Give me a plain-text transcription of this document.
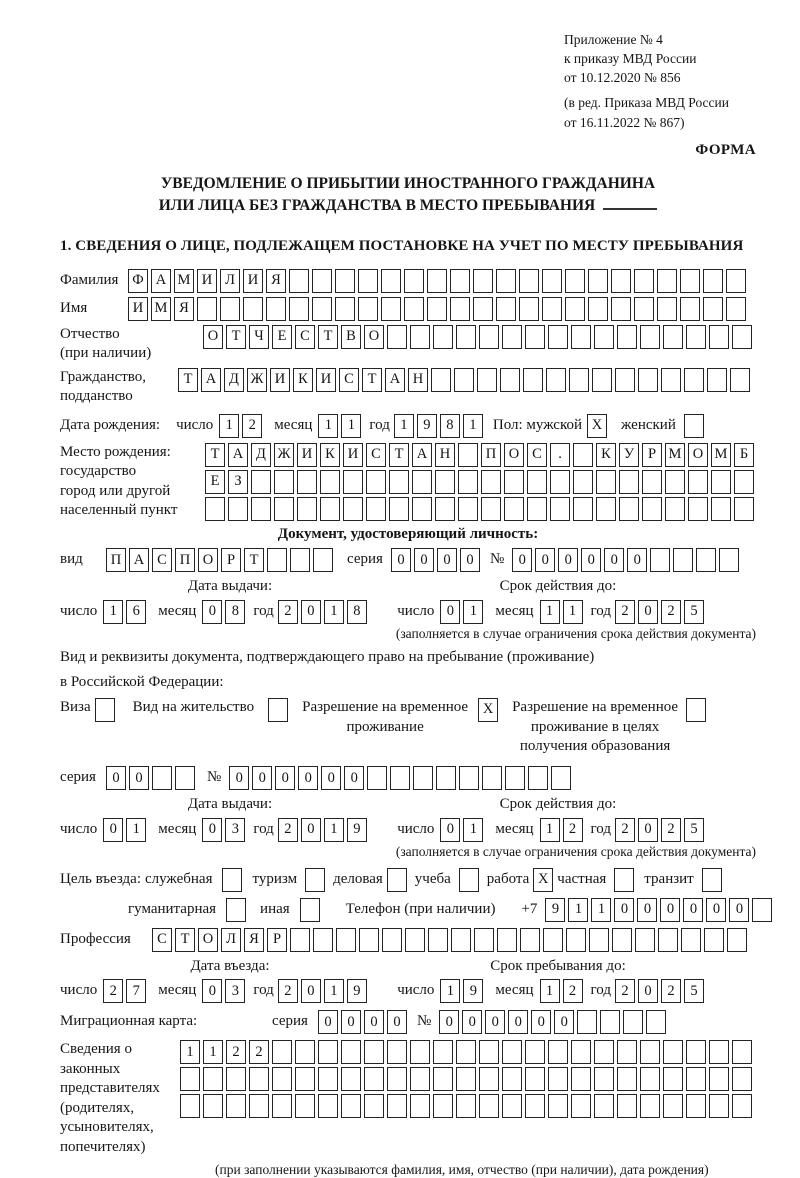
Приложение № 4
к приказу МВД России
от 10.12.2020 № 856
(в ред. Приказа МВД России
от 16.11.2022 № 867)
ФОРМА
УВЕДОМЛЕНИЕ О ПРИБЫТИИ ИНОСТРАННОГО ГРАЖДАНИНА
ИЛИ ЛИЦА БЕЗ ГРАЖДАНСТВА В МЕСТО ПРЕБЫВАНИЯ
1. СВЕДЕНИЯ О ЛИЦЕ, ПОДЛЕЖАЩЕМ ПОСТАНОВКЕ НА УЧЕТ ПО МЕСТУ ПРЕБЫВАНИЯ
Фамилия Ф А М И Л И Я
Имя	И М Я
Отчество
(при наличии)
О Т Ч Е С Т В О
Гражданство,
подданство
Т А Д Ж И К И С Т А Н
Дата рождения: число 1	2	месяц 1	1 год 1	9	8	1	Пол: мужской X	женский
Место рождения:
государство
город или другой
населенный пункт
Т А Д Ж И К И С Т А Н	П О С	.	К У Р М О М Б
Е	З
Документ, удостоверяющий личность:
вид	П А С П О Р	Т	серия 0	0	0	0	№ 0	0	0	0	0	0
Дата выдачи:	Срок действия до:
число 1	6	месяц 0	8 год 2	0	1	8	число 0	1	месяц 1	1 год 2	0	2	5
(заполняется в случае ограничения срока действия документа)
Вид и реквизиты документа, подтверждающего право на пребывание (проживание)
в Российской Федерации:
Виза	Вид на жительство	Разрешение на временное
проживание
X	Разрешение на временное
проживание в целях
получения образования
серия	0	0	№ 0	0	0	0	0	0
Дата выдачи:	Срок действия до:
число 0	1	месяц 0	3 год 2	0	1	9	число 0	1	месяц 1	2 год 2	0	2	5
(заполняется в случае ограничения срока действия документа)
Цель въезда: служебная	туризм деловая учеба работа X частная	транзит
гуманитарная	иная	Телефон (при наличии) +7 9	1	1	0	0	0	0	0	0
Профессия	С Т О Л Я Р
Дата въезда:	Срок пребывания до:
число 2	7	месяц 0	3 год 2	0	1	9	число 1	9	месяц 1	2 год 2	0	2	5
Миграционная карта:	серия	0	0	0	0	№ 0	0	0	0	0	0
Сведения о
законных
представителях
(родителях,
усыновителях,
попечителях)
1	1	2	2
(при заполнении указываются фамилия, имя, отчество (при наличии), дата рождения)
